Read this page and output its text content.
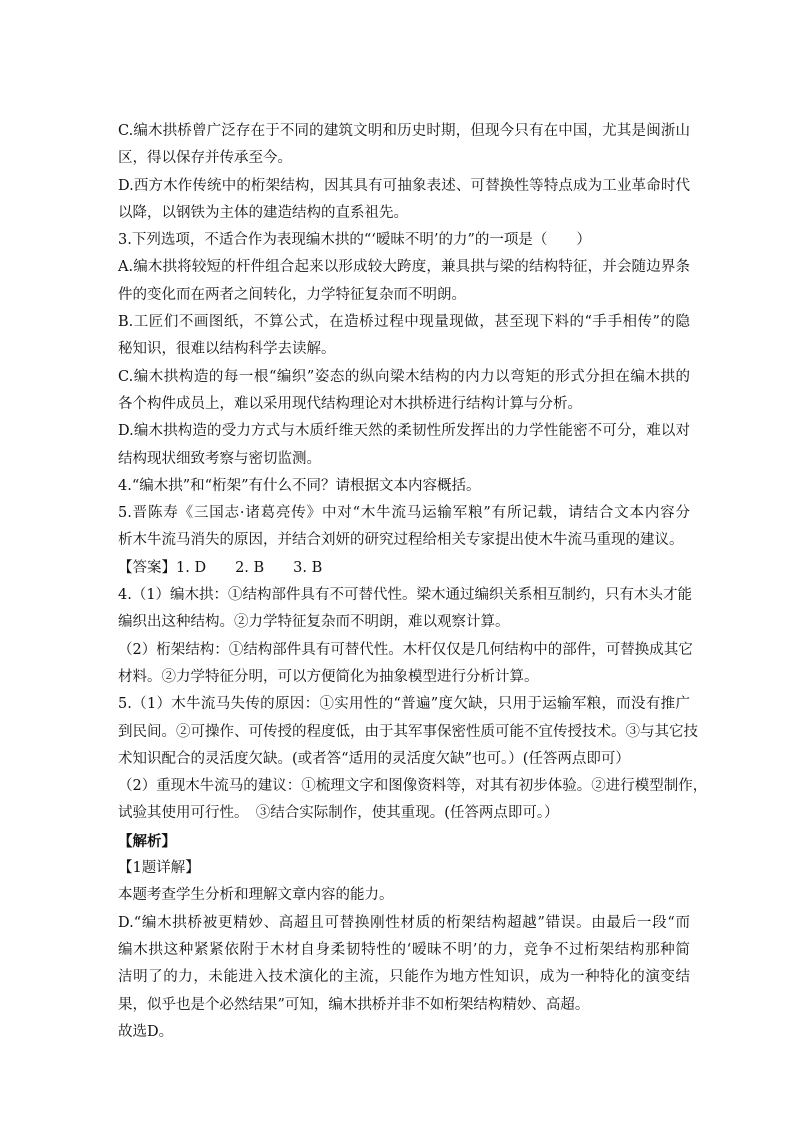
C.编木拱桥曾广泛存在于不同的建筑文明和历史时期，但现今只有在中国，尤其是闽浙山
区，得以保存并传承至今。
D.西方木作传统中的桁架结构，因其具有可抽象表述、可替换性等特点成为工业革命时代
以降，以钢铁为主体的建造结构的直系祖先。
3.下列选项，不适合作为表现编木拱的“‘暧昧不明’的力”的一项是（　　）
A.编木拱将较短的杆件组合起来以形成较大跨度，兼具拱与梁的结构特征，并会随边界条
件的变化而在两者之间转化，力学特征复杂而不明朗。
B.工匠们不画图纸，不算公式，在造桥过程中现量现做，甚至现下料的“手手相传”的隐
秘知识，很难以结构科学去读解。
C.编木拱构造的每一根“编织”姿态的纵向梁木结构的内力以弯矩的形式分担在编木拱的
各个构件成员上，难以采用现代结构理论对木拱桥进行结构计算与分析。
D.编木拱构造的受力方式与木质纤维天然的柔韧性所发挥出的力学性能密不可分，难以对
结构现状细致考察与密切监测。
4.“编木拱”和“桁架”有什么不同？请根据文本内容概括。
5.晋陈寿《三国志·诸葛亮传》中对“木牛流马运输军粮”有所记载，请结合文本内容分
析木牛流马消失的原因，并结合刘妍的研究过程给相关专家提出使木牛流马重现的建议。
【答案】1. D　　2. B　　3. B
4.（1）编木拱：①结构部件具有不可替代性。梁木通过编织关系相互制约，只有木头才能
编织出这种结构。②力学特征复杂而不明朗，难以观察计算。
（2）桁架结构：①结构部件具有可替代性。木杆仅仅是几何结构中的部件，可替换成其它
材料。②力学特征分明，可以方便简化为抽象模型进行分析计算。
5.（1）木牛流马失传的原因：①实用性的“普遍”度欠缺，只用于运输军粮，而没有推广
到民间。②可操作、可传授的程度低，由于其军事保密性质可能不宜传授技术。③与其它技
术知识配合的灵活度欠缺。(或者答“适用的灵活度欠缺”也可。）(任答两点即可）
（2）重现木牛流马的建议：①梳理文字和图像资料等，对其有初步体验。②进行模型制作，
试验其使用可行性。　③结合实际制作，使其重现。(任答两点即可。）
【解析】
【1题详解】
本题考查学生分析和理解文章内容的能力。
D.“编木拱桥被更精妙、高超且可替换刚性材质的桁架结构超越”错误。由最后一段“而
编木拱这种紧紧依附于木材自身柔韧特性的‘暧昧不明’的力，竞争不过桁架结构那种简
洁明了的力，未能进入技术演化的主流，只能作为地方性知识，成为一种特化的演变结
果，似乎也是个必然结果”可知，编木拱桥并非不如桁架结构精妙、高超。
故选D。
